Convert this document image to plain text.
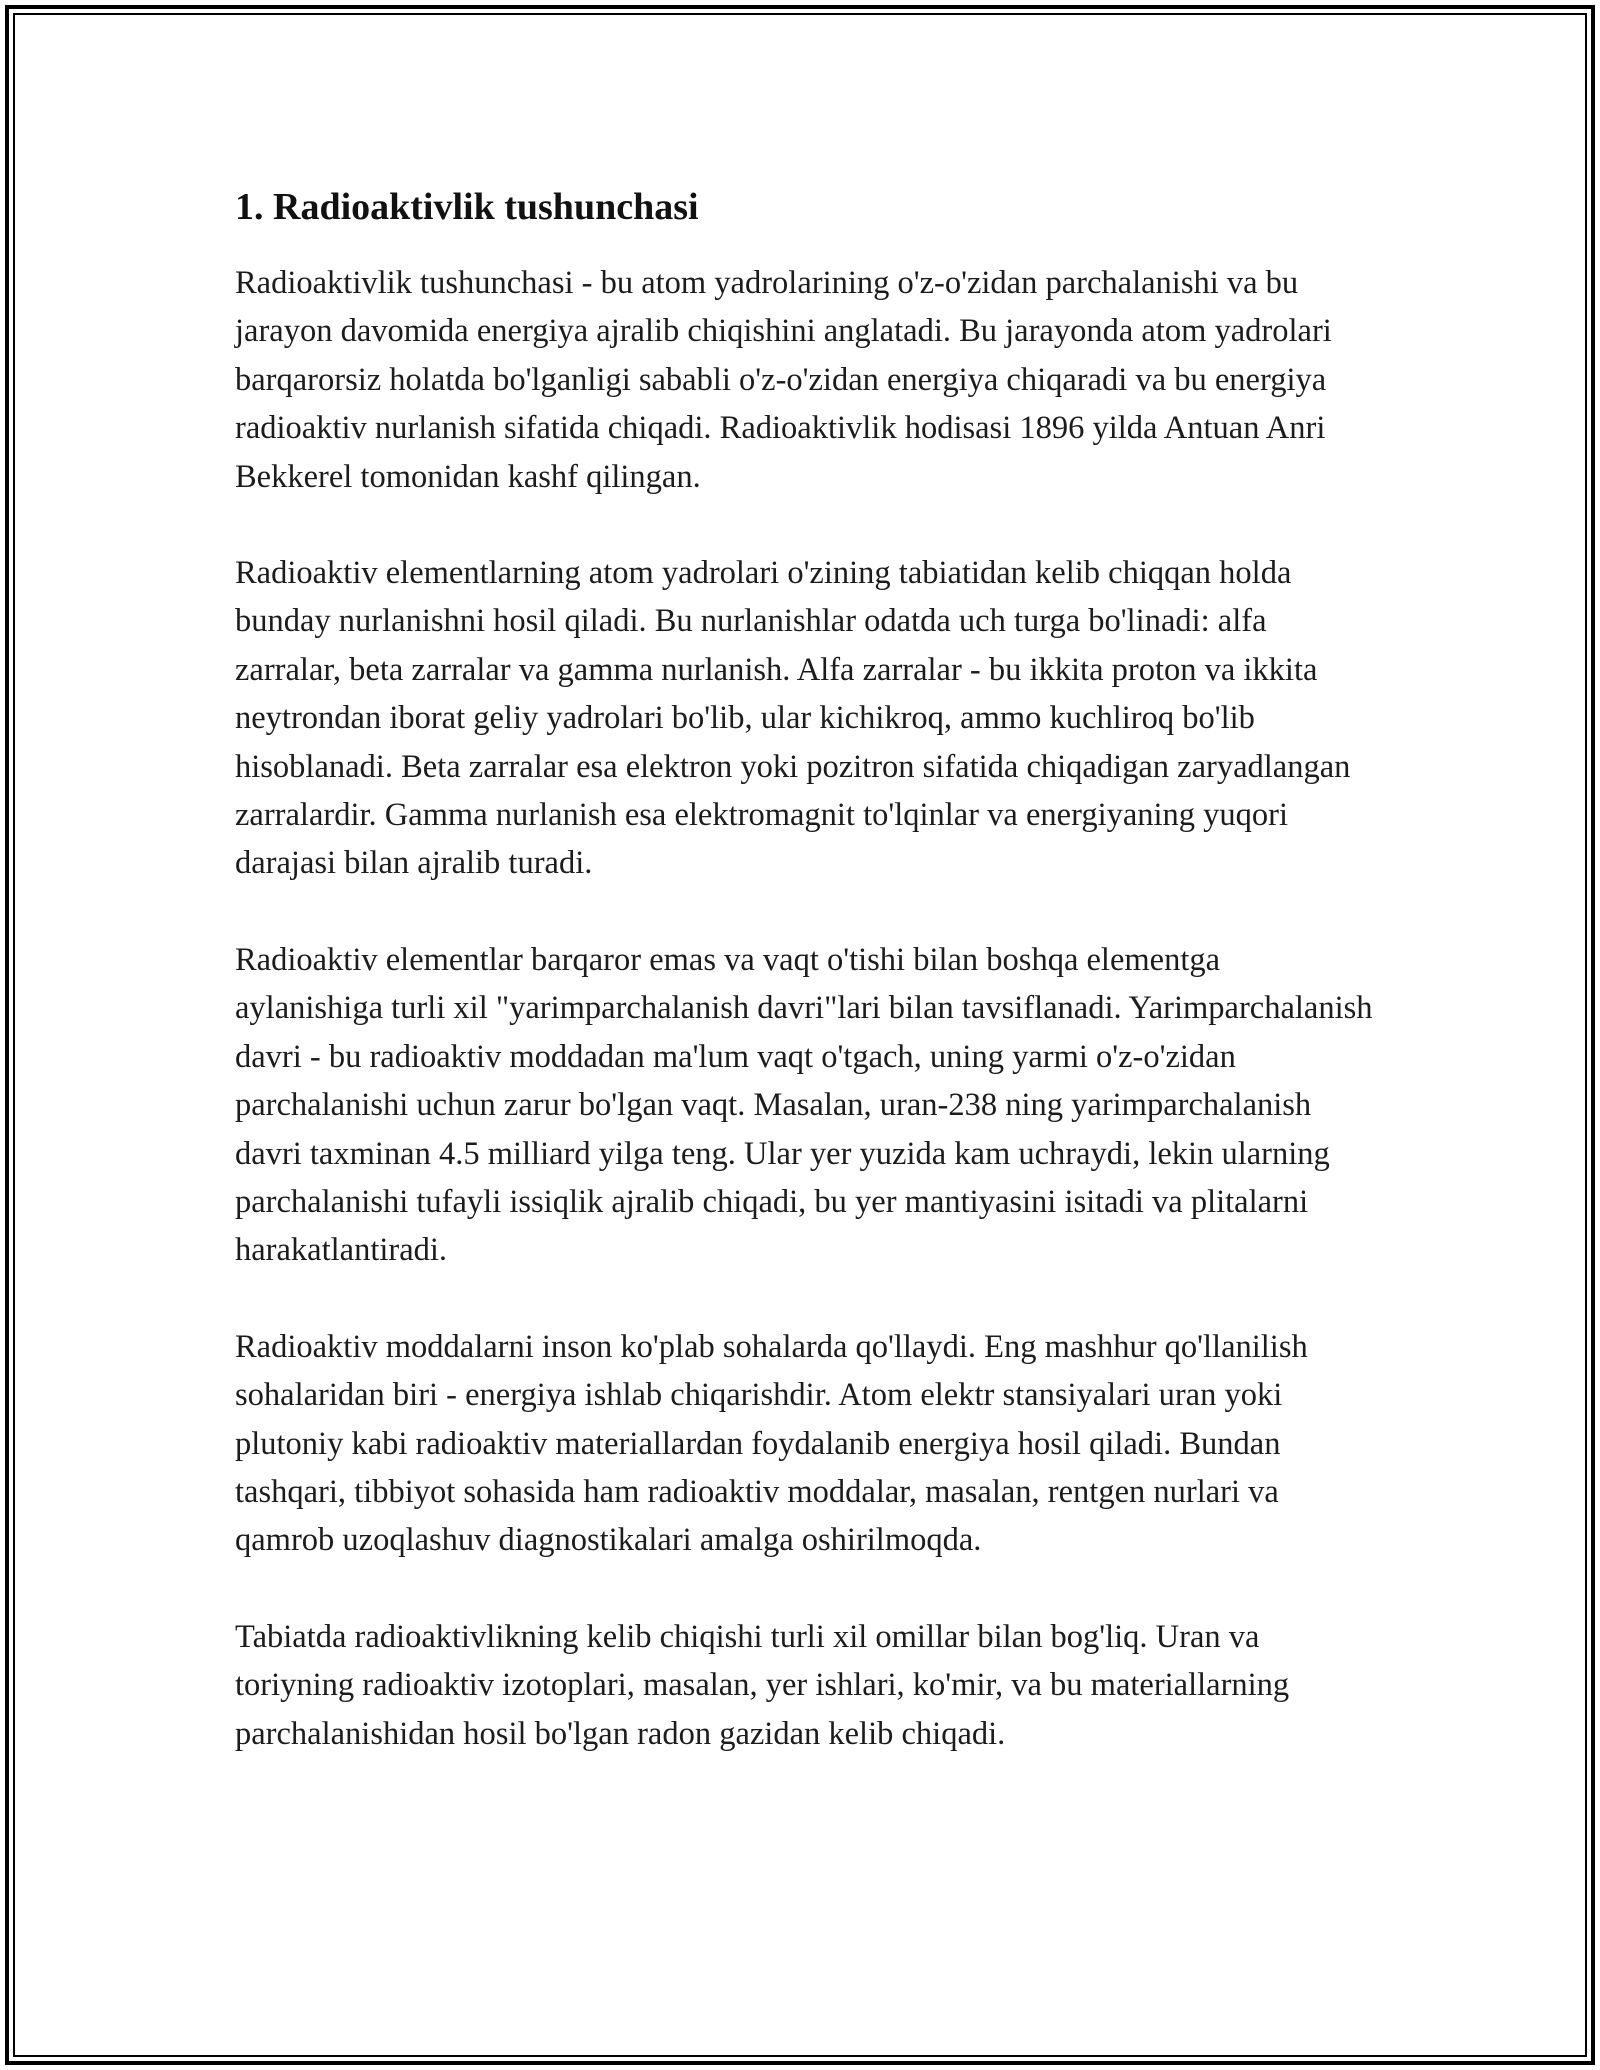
1. Radioaktivlik tushunchasi

Radioaktivlik tushunchasi - bu atom yadrolarining o'z-o'zidan parchalanishi va bu jarayon davomida energiya ajralib chiqishini anglatadi. Bu jarayonda atom yadrolari barqarorsiz holatda bo'lganligi sababli o'z-o'zidan energiya chiqaradi va bu energiya radioaktiv nurlanish sifatida chiqadi. Radioaktivlik hodisasi 1896 yilda Antuan Anri Bekkerel tomonidan kashf qilingan.

Radioaktiv elementlarning atom yadrolari o'zining tabiatidan kelib chiqqan holda bunday nurlanishni hosil qiladi. Bu nurlanishlar odatda uch turga bo'linadi: alfa zarralar, beta zarralar va gamma nurlanish. Alfa zarralar - bu ikkita proton va ikkita neytrondan iborat geliy yadrolari bo'lib, ular kichikroq, ammo kuchliroq bo'lib hisoblanadi. Beta zarralar esa elektron yoki pozitron sifatida chiqadigan zaryadlangan zarralardir. Gamma nurlanish esa elektromagnit to'lqinlar va energiyaning yuqori darajasi bilan ajralib turadi.

Radioaktiv elementlar barqaror emas va vaqt o'tishi bilan boshqa elementga aylanishiga turli xil "yarimparchalanish davri"lari bilan tavsiflanadi. Yarimparchalanish davri - bu radioaktiv moddadan ma'lum vaqt o'tgach, uning yarmi o'z-o'zidan parchalanishi uchun zarur bo'lgan vaqt. Masalan, uran-238 ning yarimparchalanish davri taxminan 4.5 milliard yilga teng. Ular yer yuzida kam uchraydi, lekin ularning parchalanishi tufayli issiqlik ajralib chiqadi, bu yer mantiyasini isitadi va plitalarni harakatlantiradi.

Radioaktiv moddalarni inson ko'plab sohalarda qo'llaydi. Eng mashhur qo'llanilish sohalaridan biri - energiya ishlab chiqarishdir. Atom elektr stansiyalari uran yoki plutoniy kabi radioaktiv materiallardan foydalanib energiya hosil qiladi. Bundan tashqari, tibbiyot sohasida ham radioaktiv moddalar, masalan, rentgen nurlari va qamrob uzoqlashuv diagnostikalari amalga oshirilmoqda.

Tabiatda radioaktivlikning kelib chiqishi turli xil omillar bilan bog'liq. Uran va toriyning radioaktiv izotoplari, masalan, yer ishlari, ko'mir, va bu materiallarning parchalanishidan hosil bo'lgan radon gazidan kelib chiqadi.
